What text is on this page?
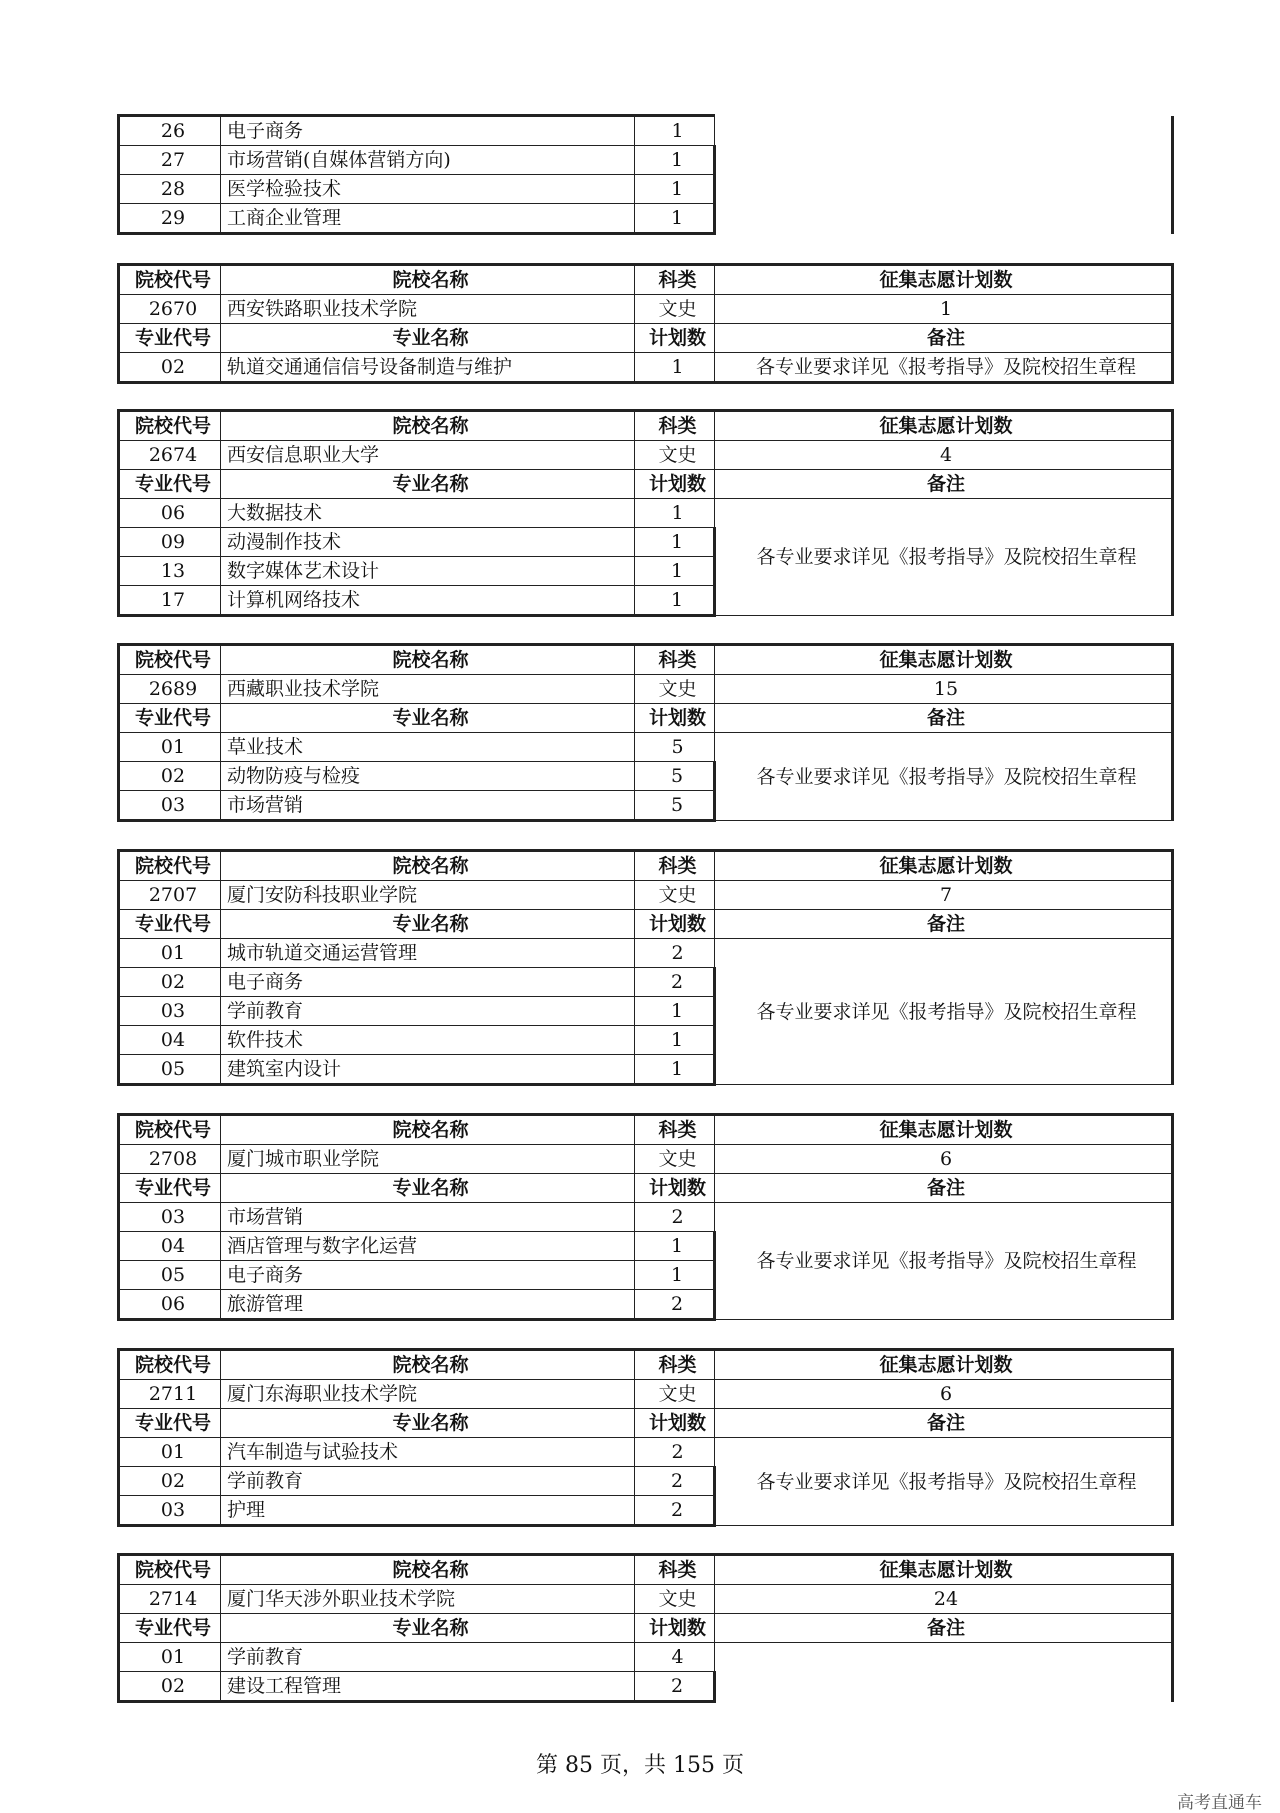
26	电子商务	1	
27	市场营销(自媒体营销方向)	1	
28	医学检验技术	1	
29	工商企业管理	1	
院校代号	院校名称	科类	征集志愿计划数
2670	西安铁路职业技术学院	文史	1
专业代号	专业名称	计划数	备注
02	轨道交通通信信号设备制造与维护	1	各专业要求详见《报考指导》及院校招生章程
院校代号	院校名称	科类	征集志愿计划数
2674	西安信息职业大学	文史	4
专业代号	专业名称	计划数	备注
06	大数据技术	1	各专业要求详见《报考指导》及院校招生章程
09	动漫制作技术	1	
13	数字媒体艺术设计	1	
17	计算机网络技术	1	
院校代号	院校名称	科类	征集志愿计划数
2689	西藏职业技术学院	文史	15
专业代号	专业名称	计划数	备注
01	草业技术	5	各专业要求详见《报考指导》及院校招生章程
02	动物防疫与检疫	5	
03	市场营销	5	
院校代号	院校名称	科类	征集志愿计划数
2707	厦门安防科技职业学院	文史	7
专业代号	专业名称	计划数	备注
01	城市轨道交通运营管理	2	各专业要求详见《报考指导》及院校招生章程
02	电子商务	2	
03	学前教育	1	
04	软件技术	1	
05	建筑室内设计	1	
院校代号	院校名称	科类	征集志愿计划数
2708	厦门城市职业学院	文史	6
专业代号	专业名称	计划数	备注
03	市场营销	2	各专业要求详见《报考指导》及院校招生章程
04	酒店管理与数字化运营	1	
05	电子商务	1	
06	旅游管理	2	
院校代号	院校名称	科类	征集志愿计划数
2711	厦门东海职业技术学院	文史	6
专业代号	专业名称	计划数	备注
01	汽车制造与试验技术	2	各专业要求详见《报考指导》及院校招生章程
02	学前教育	2	
03	护理	2	
院校代号	院校名称	科类	征集志愿计划数
2714	厦门华天涉外职业技术学院	文史	24
专业代号	专业名称	计划数	备注
01	学前教育	4	
02	建设工程管理	2	
第 85 页，共 155 页
高考直通车
